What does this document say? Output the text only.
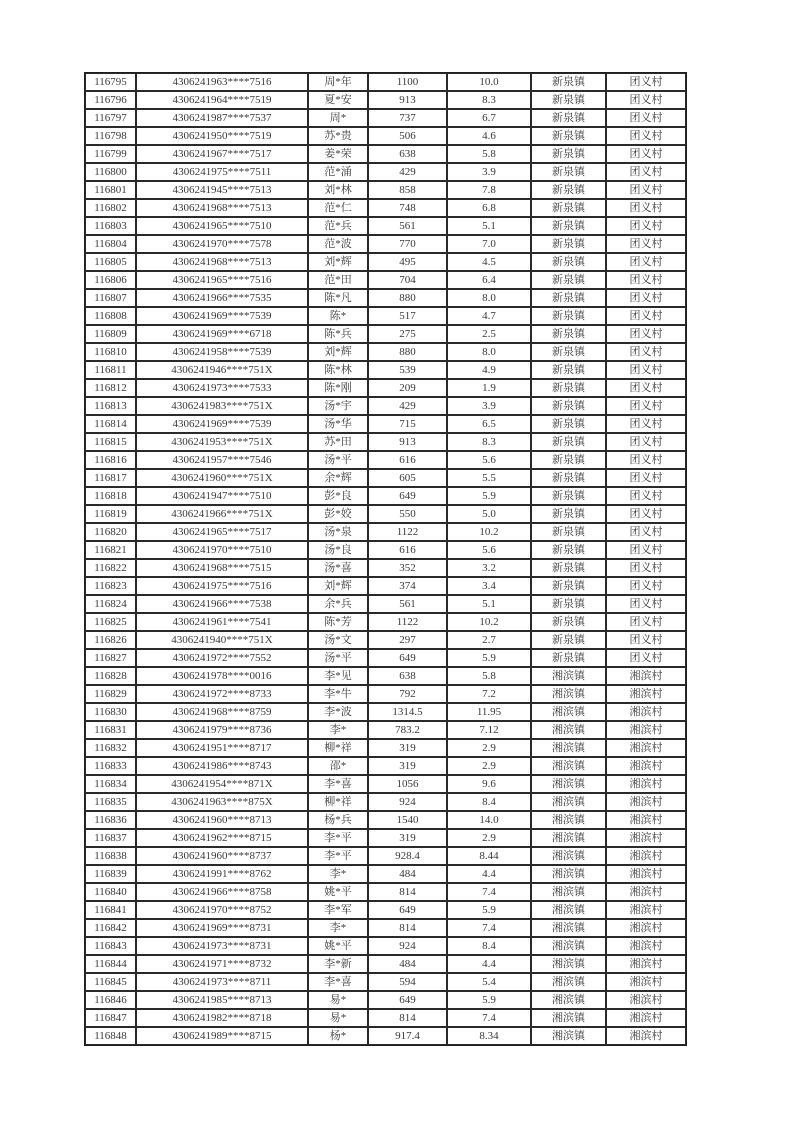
116795	4306241963****7516	周*年	1100	10.0	新泉镇	团义村
116796	4306241964****7519	夏*安	913	8.3	新泉镇	团义村
116797	4306241987****7537	周*	737	6.7	新泉镇	团义村
116798	4306241950****7519	苏*贵	506	4.6	新泉镇	团义村
116799	4306241967****7517	姜*荣	638	5.8	新泉镇	团义村
116800	4306241975****7511	范*涌	429	3.9	新泉镇	团义村
116801	4306241945****7513	刘*林	858	7.8	新泉镇	团义村
116802	4306241968****7513	范*仁	748	6.8	新泉镇	团义村
116803	4306241965****7510	范*兵	561	5.1	新泉镇	团义村
116804	4306241970****7578	范*波	770	7.0	新泉镇	团义村
116805	4306241968****7513	刘*辉	495	4.5	新泉镇	团义村
116806	4306241965****7516	范*田	704	6.4	新泉镇	团义村
116807	4306241966****7535	陈*凡	880	8.0	新泉镇	团义村
116808	4306241969****7539	陈*	517	4.7	新泉镇	团义村
116809	4306241969****6718	陈*兵	275	2.5	新泉镇	团义村
116810	4306241958****7539	刘*辉	880	8.0	新泉镇	团义村
116811	4306241946****751X	陈*林	539	4.9	新泉镇	团义村
116812	4306241973****7533	陈*刚	209	1.9	新泉镇	团义村
116813	4306241983****751X	汤*宇	429	3.9	新泉镇	团义村
116814	4306241969****7539	汤*华	715	6.5	新泉镇	团义村
116815	4306241953****751X	苏*田	913	8.3	新泉镇	团义村
116816	4306241957****7546	汤*平	616	5.6	新泉镇	团义村
116817	4306241960****751X	余*辉	605	5.5	新泉镇	团义村
116818	4306241947****7510	彭*良	649	5.9	新泉镇	团义村
116819	4306241966****751X	彭*姣	550	5.0	新泉镇	团义村
116820	4306241965****7517	汤*泉	1122	10.2	新泉镇	团义村
116821	4306241970****7510	汤*良	616	5.6	新泉镇	团义村
116822	4306241968****7515	汤*喜	352	3.2	新泉镇	团义村
116823	4306241975****7516	刘*辉	374	3.4	新泉镇	团义村
116824	4306241966****7538	余*兵	561	5.1	新泉镇	团义村
116825	4306241961****7541	陈*芳	1122	10.2	新泉镇	团义村
116826	4306241940****751X	汤*文	297	2.7	新泉镇	团义村
116827	4306241972****7552	汤*平	649	5.9	新泉镇	团义村
116828	4306241978****0016	李*见	638	5.8	湘滨镇	湘滨村
116829	4306241972****8733	李*牛	792	7.2	湘滨镇	湘滨村
116830	4306241968****8759	李*波	1314.5	11.95	湘滨镇	湘滨村
116831	4306241979****8736	李*	783.2	7.12	湘滨镇	湘滨村
116832	4306241951****8717	柳*祥	319	2.9	湘滨镇	湘滨村
116833	4306241986****8743	邵*	319	2.9	湘滨镇	湘滨村
116834	4306241954****871X	李*喜	1056	9.6	湘滨镇	湘滨村
116835	4306241963****875X	柳*祥	924	8.4	湘滨镇	湘滨村
116836	4306241960****8713	杨*兵	1540	14.0	湘滨镇	湘滨村
116837	4306241962****8715	李*平	319	2.9	湘滨镇	湘滨村
116838	4306241960****8737	李*平	928.4	8.44	湘滨镇	湘滨村
116839	4306241991****8762	李*	484	4.4	湘滨镇	湘滨村
116840	4306241966****8758	姚*平	814	7.4	湘滨镇	湘滨村
116841	4306241970****8752	李*军	649	5.9	湘滨镇	湘滨村
116842	4306241969****8731	李*	814	7.4	湘滨镇	湘滨村
116843	4306241973****8731	姚*平	924	8.4	湘滨镇	湘滨村
116844	4306241971****8732	李*新	484	4.4	湘滨镇	湘滨村
116845	4306241973****8711	李*喜	594	5.4	湘滨镇	湘滨村
116846	4306241985****8713	易*	649	5.9	湘滨镇	湘滨村
116847	4306241982****8718	易*	814	7.4	湘滨镇	湘滨村
116848	4306241989****8715	杨*	917.4	8.34	湘滨镇	湘滨村
